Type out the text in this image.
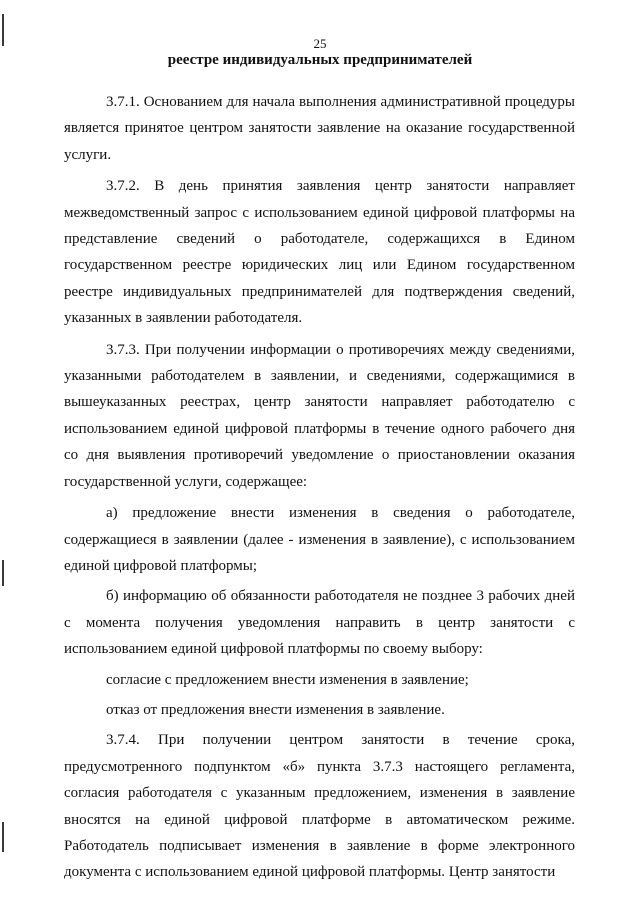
25
реестре индивидуальных предпринимателей

3.7.1. Основанием для начала выполнения административной процедуры является принятое центром занятости заявление на оказание государственной услуги.

3.7.2. В день принятия заявления центр занятости направляет межведомственный запрос с использованием единой цифровой платформы на представление сведений о работодателе, содержащихся в Едином государственном реестре юридических лиц или Едином государственном реестре индивидуальных предпринимателей для подтверждения сведений, указанных в заявлении работодателя.

3.7.3. При получении информации о противоречиях между сведениями, указанными работодателем в заявлении, и сведениями, содержащимися в вышеуказанных реестрах, центр занятости направляет работодателю с использованием единой цифровой платформы в течение одного рабочего дня со дня выявления противоречий уведомление о приостановлении оказания государственной услуги, содержащее:

а) предложение внести изменения в сведения о работодателе, содержащиеся в заявлении (далее - изменения в заявление), с использованием единой цифровой платформы;

б) информацию об обязанности работодателя не позднее 3 рабочих дней с момента получения уведомления направить в центр занятости с использованием единой цифровой платформы по своему выбору:

согласие с предложением внести изменения в заявление;

отказ от предложения внести изменения в заявление.

3.7.4. При получении центром занятости в течение срока, предусмотренного подпунктом «б» пункта 3.7.3 настоящего регламента, согласия работодателя с указанным предложением, изменения в заявление вносятся на единой цифровой платформе в автоматическом режиме. Работодатель подписывает изменения в заявление в форме электронного документа с использованием единой цифровой платформы. Центр занятости
